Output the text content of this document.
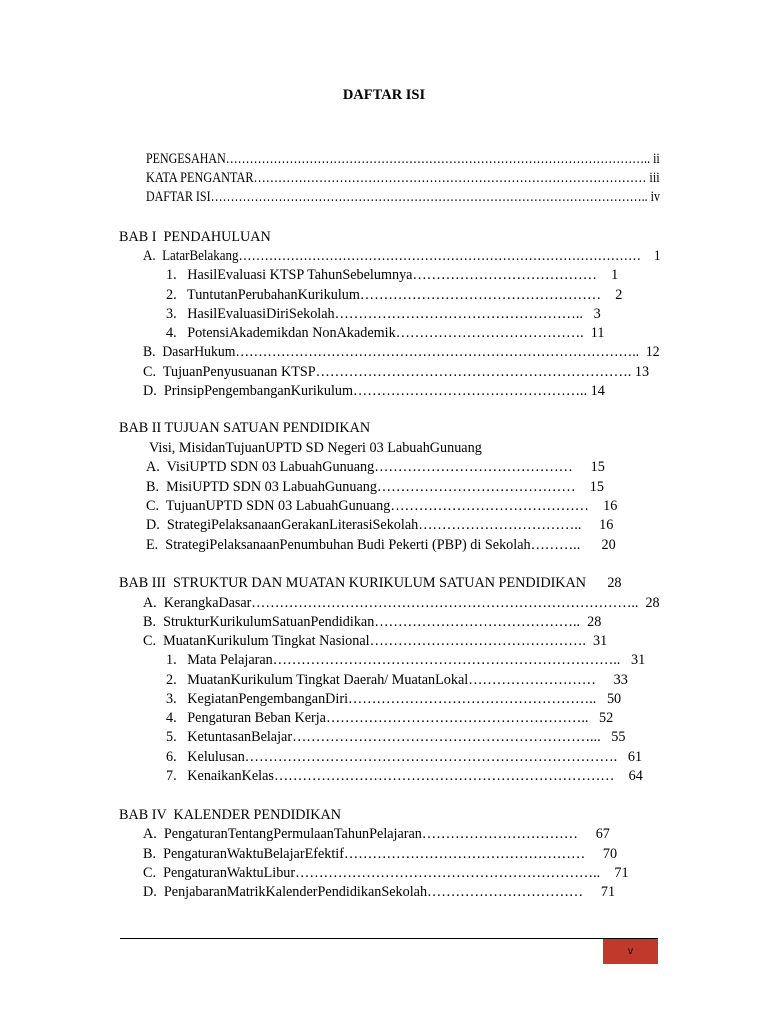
DAFTAR ISI
PENGESAHAN…………………………………………………………………………………………….. ii
KATA PENGANTAR…………………………………………………………………………………… iii
DAFTAR ISI……………………………………………………………………………………………….. iv
BAB I  PENDAHULUAN
A.  LatarBelakang…………………………………………………………………………………    1
1.   HasilEvaluasi KTSP TahunSebelumnya…………………………………    1
2.   TuntutanPerubahanKurikulum……………………………………………    2
3.   HasilEvaluasiDiriSekolah……………………………………………..   3
4.   PotensiAkademikdan NonAkademik………………………………….  11
B.  DasarHukum……………………………………………………………………………..  12
C.  TujuanPenyusuanan KTSP…………………………………………………………. 13
D.  PrinsipPengembanganKurikulum………………………………………….. 14
BAB II TUJUAN SATUAN PENDIDIKAN
Visi, MisidanTujuanUPTD SD Negeri 03 LabuahGunuang
A.  VisiUPTD SDN 03 LabuahGunuang……………………………………     15
B.  MisiUPTD SDN 03 LabuahGunuang……………………………………    15
C.  TujuanUPTD SDN 03 LabuahGunuang……………………………………    16
D.  StrategiPelaksanaanGerakanLiterasiSekolah……………………………..     16
E.  StrategiPelaksanaanPenumbuhan Budi Pekerti (PBP) di Sekolah………..      20
BAB III  STRUKTUR DAN MUATAN KURIKULUM SATUAN PENDIDIKAN      28
A.  KerangkaDasar………………………………………………………………………..  28
B.  StrukturKurikulumSatuanPendidikan……………………………………..  28
C.  MuatanKurikulum Tingkat Nasional……………………………………….  31
1.   Mata Pelajaran………………………………………………………………..   31
2.   MuatanKurikulum Tingkat Daerah/ MuatanLokal………………………     33
3.   KegiatanPengembanganDiri……………………………………………..   50
4.   Pengaturan Beban Kerja………………………………………………..   52
5.   KetuntasanBelajar………………………………………………………...   55
6.   Kelulusan…………………………………………………………………….   61
7.   KenaikanKelas………………………………………………………………    64
BAB IV  KALENDER PENDIDIKAN
A.  PengaturanTentangPermulaanTahunPelajaran……………………………     67
B.  PengaturanWaktuBelajarEfektif……………………………………………     70
C.  PengaturanWaktuLibur………………………………………………………..    71
D.  PenjabaranMatrikKalenderPendidikanSekolah……………………………     71
v
